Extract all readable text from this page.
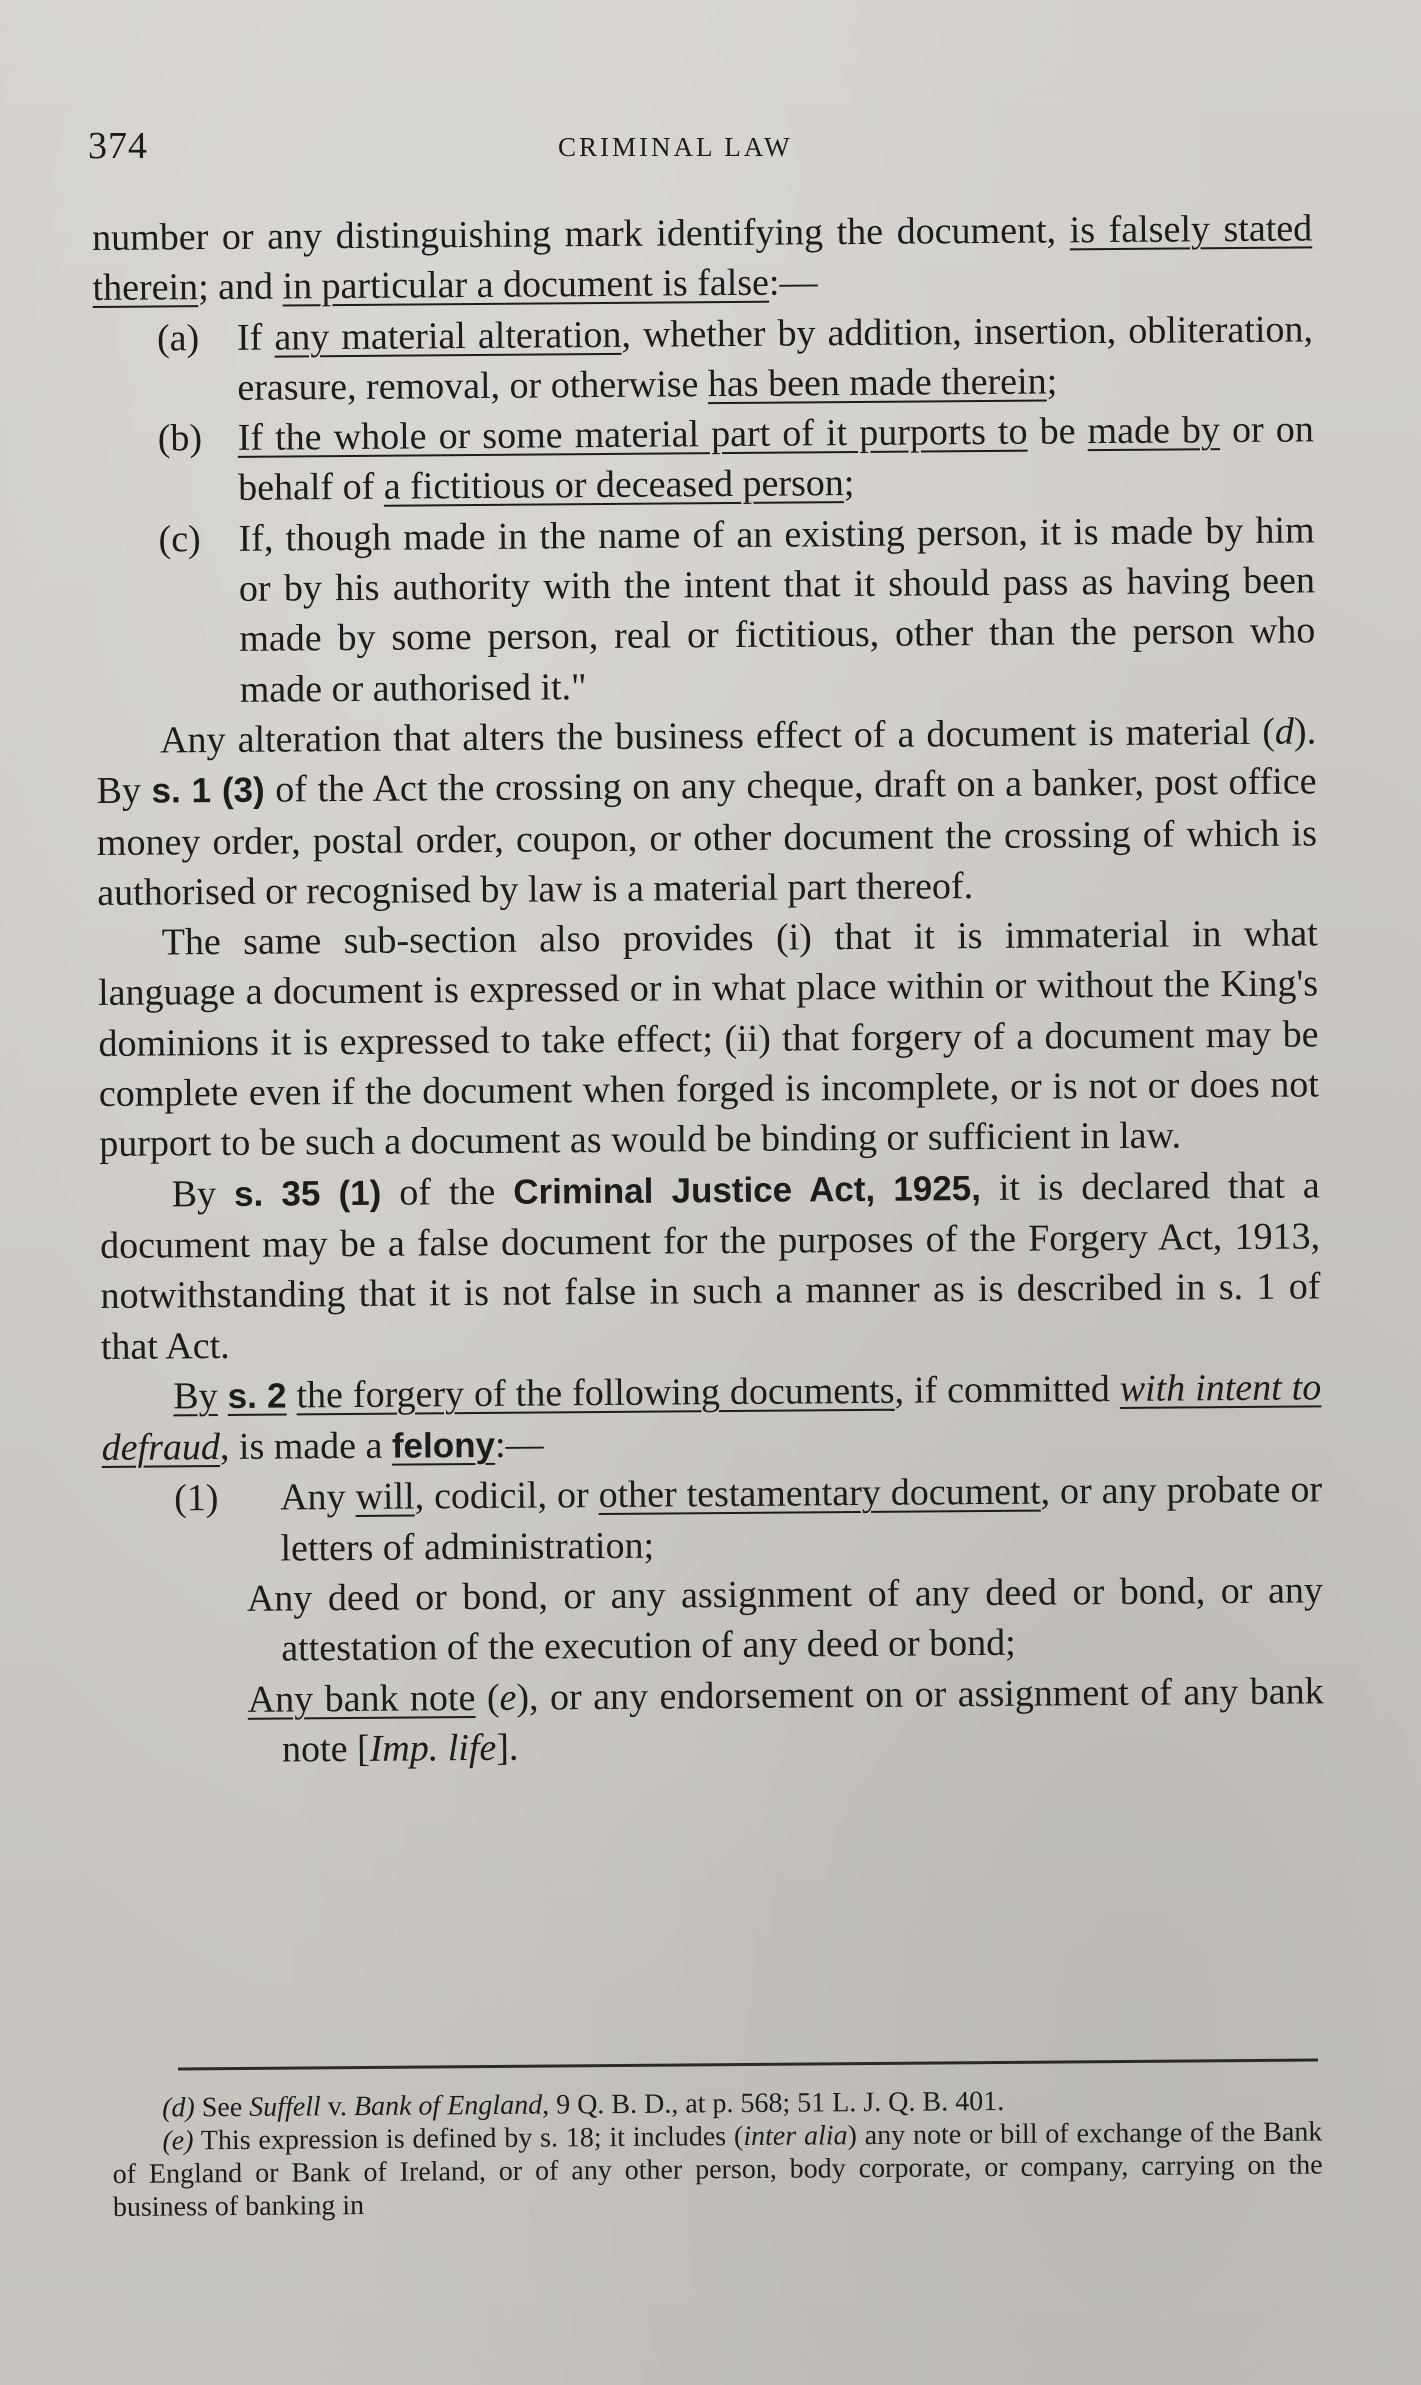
374	CRIMINAL LAW

number or any distinguishing mark identifying the document, is falsely stated therein; and in particular a document is false:—

(a) If any material alteration, whether by addition, insertion, obliteration, erasure, removal, or otherwise has been made therein;

(b) If the whole or some material part of it purports to be made by or on behalf of a fictitious or deceased person;

(c) If, though made in the name of an existing person, it is made by him or by his authority with the intent that it should pass as having been made by some person, real or fictitious, other than the person who made or authorised it."

Any alteration that alters the business effect of a document is material (d). By s. 1 (3) of the Act the crossing on any cheque, draft on a banker, post office money order, postal order, coupon, or other document the crossing of which is authorised or recognised by law is a material part thereof.

The same sub-section also provides (i) that it is immaterial in what language a document is expressed or in what place within or without the King's dominions it is expressed to take effect; (ii) that forgery of a document may be complete even if the document when forged is incomplete, or is not or does not purport to be such a document as would be binding or sufficient in law.

By s. 35 (1) of the Criminal Justice Act, 1925, it is declared that a document may be a false document for the purposes of the Forgery Act, 1913, notwithstanding that it is not false in such a manner as is described in s. 1 of that Act.

By s. 2 the forgery of the following documents, if committed with intent to defraud, is made a felony:—

(1) Any will, codicil, or other testamentary document, or any probate or letters of administration;

Any deed or bond, or any assignment of any deed or bond, or any attestation of the execution of any deed or bond;

Any bank note (e), or any endorsement on or assignment of any bank note [Imp. life].

(d) See Suffell v. Bank of England, 9 Q. B. D., at p. 568; 51 L. J. Q. B. 401.

(e) This expression is defined by s. 18; it includes (inter alia) any note or bill of exchange of the Bank of England or Bank of Ireland, or of any other person, body corporate, or company, carrying on the business of banking in
